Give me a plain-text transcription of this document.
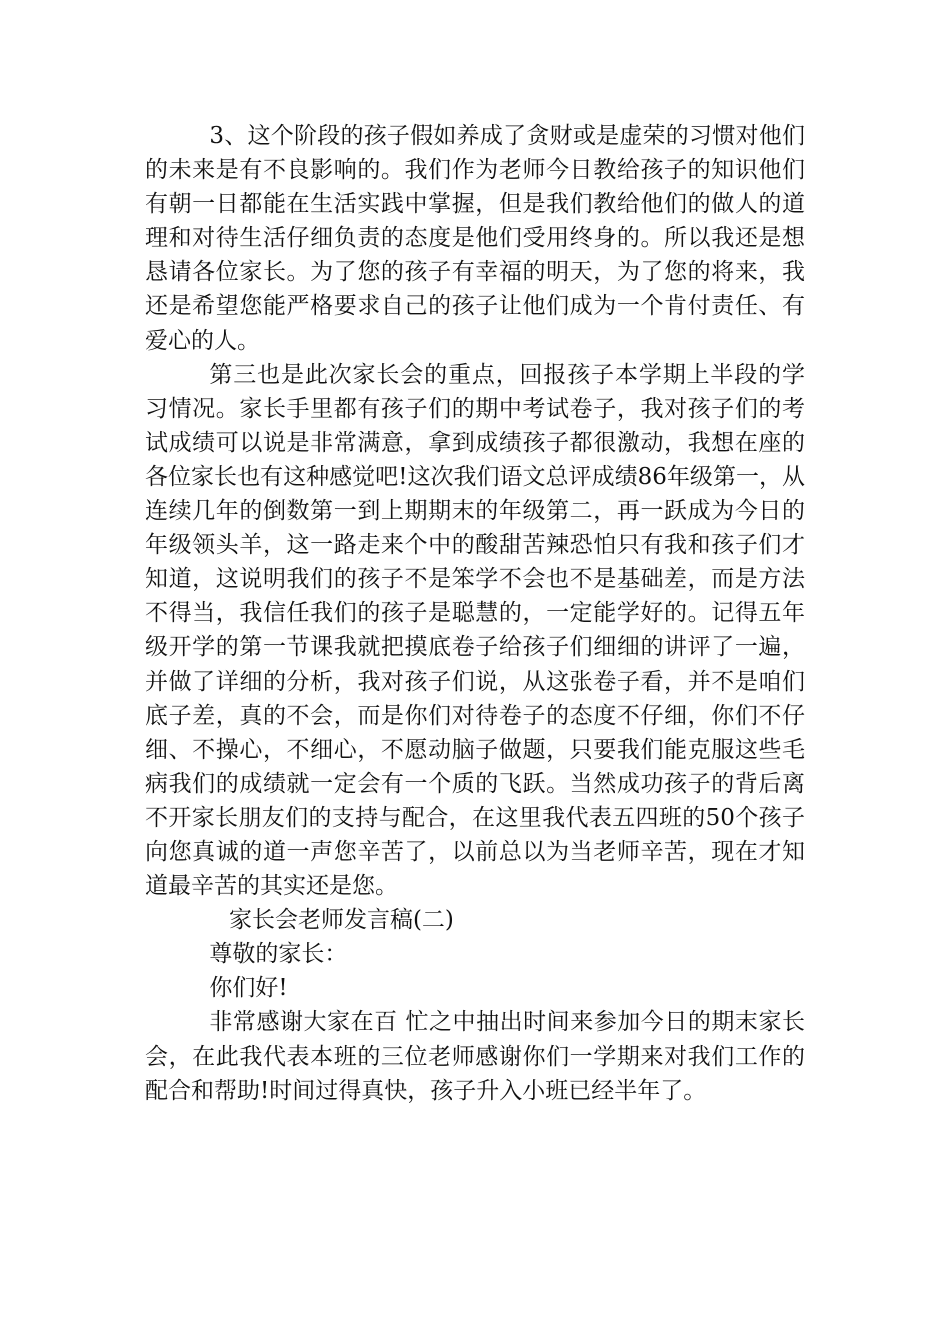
3、这个阶段的孩子假如养成了贪财或是虚荣的习惯对他们的未来是有不良影响的。我们作为老师今日教给孩子的知识他们有朝一日都能在生活实践中掌握，但是我们教给他们的做人的道理和对待生活仔细负责的态度是他们受用终身的。所以我还是想恳请各位家长。为了您的孩子有幸福的明天，为了您的将来，我还是希望您能严格要求自己的孩子让他们成为一个肯付责任、有爱心的人。

第三也是此次家长会的重点，回报孩子本学期上半段的学习情况。家长手里都有孩子们的期中考试卷子，我对孩子们的考试成绩可以说是非常满意，拿到成绩孩子都很激动，我想在座的各位家长也有这种感觉吧!这次我们语文总评成绩86年级第一，从连续几年的倒数第一到上期期末的年级第二，再一跃成为今日的年级领头羊，这一路走来个中的酸甜苦辣恐怕只有我和孩子们才知道，这说明我们的孩子不是笨学不会也不是基础差，而是方法不得当，我信任我们的孩子是聪慧的，一定能学好的。记得五年级开学的第一节课我就把摸底卷子给孩子们细细的讲评了一遍，并做了详细的分析，我对孩子们说，从这张卷子看，并不是咱们底子差，真的不会，而是你们对待卷子的态度不仔细，你们不仔细、不操心，不细心，不愿动脑子做题，只要我们能克服这些毛病我们的成绩就一定会有一个质的飞跃。当然成功孩子的背后离不开家长朋友们的支持与配合，在这里我代表五四班的50个孩子向您真诚的道一声您辛苦了，以前总以为当老师辛苦，现在才知道最辛苦的其实还是您。

家长会老师发言稿(二)

尊敬的家长：

你们好!

非常感谢大家在百 忙之中抽出时间来参加今日的期末家长会，在此我代表本班的三位老师感谢你们一学期来对我们工作的配合和帮助!时间过得真快，孩子升入小班已经半年了。
